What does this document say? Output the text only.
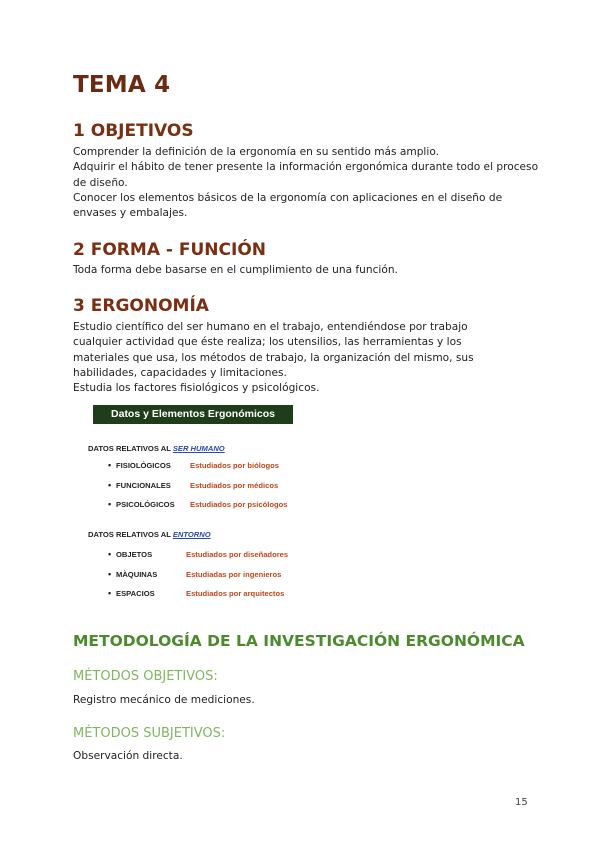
TEMA 4
1 OBJETIVOS

Comprender la definición de la ergonomía en su sentido más amplio.
Adquirir el hábito de tener presente la información ergonómica durante todo el proceso de diseño.

Conocer los elementos básicos de la ergonomía con aplicaciones en el diseño de envases y embalajes.

2 FORMA - FUNCIÓN

Toda forma debe basarse en el cumplimiento de una función.

3 ERGONOMÍA

Estudio científico del ser humano en el trabajo, entendiéndose por trabajo cualquier actividad que éste realiza; los utensilios, las herramientas y los materiales que usa, los métodos de trabajo, la organización del mismo, sus habilidades, capacidades y limitaciones.

Estudia los factores fisiológicos y psicológicos.

Datos y Elementos Ergonómicos
DATOS RELATIVOS AL SER HUMANO
• FISIOLÓGICOS	Estudiados por biólogos
• FUNCIONALES	Estudiados por médicos
• PSICOLÓGICOS Estudiados por psicólogos
DATOS RELATIVOS AL ENTORNO
• OBJETOS	Estudiados por diseñadores
• MÀQUINAS	Estudiadas por ingenieros
• ESPACIOS	Estudiados por arquitectos
METODOLOGÍA DE LA INVESTIGACIÓN ERGONÓMICA
MÉTODOS OBJETIVOS:
Registro mecánico de mediciones.
MÉTODOS SUBJETIVOS:
Observación directa.
15
